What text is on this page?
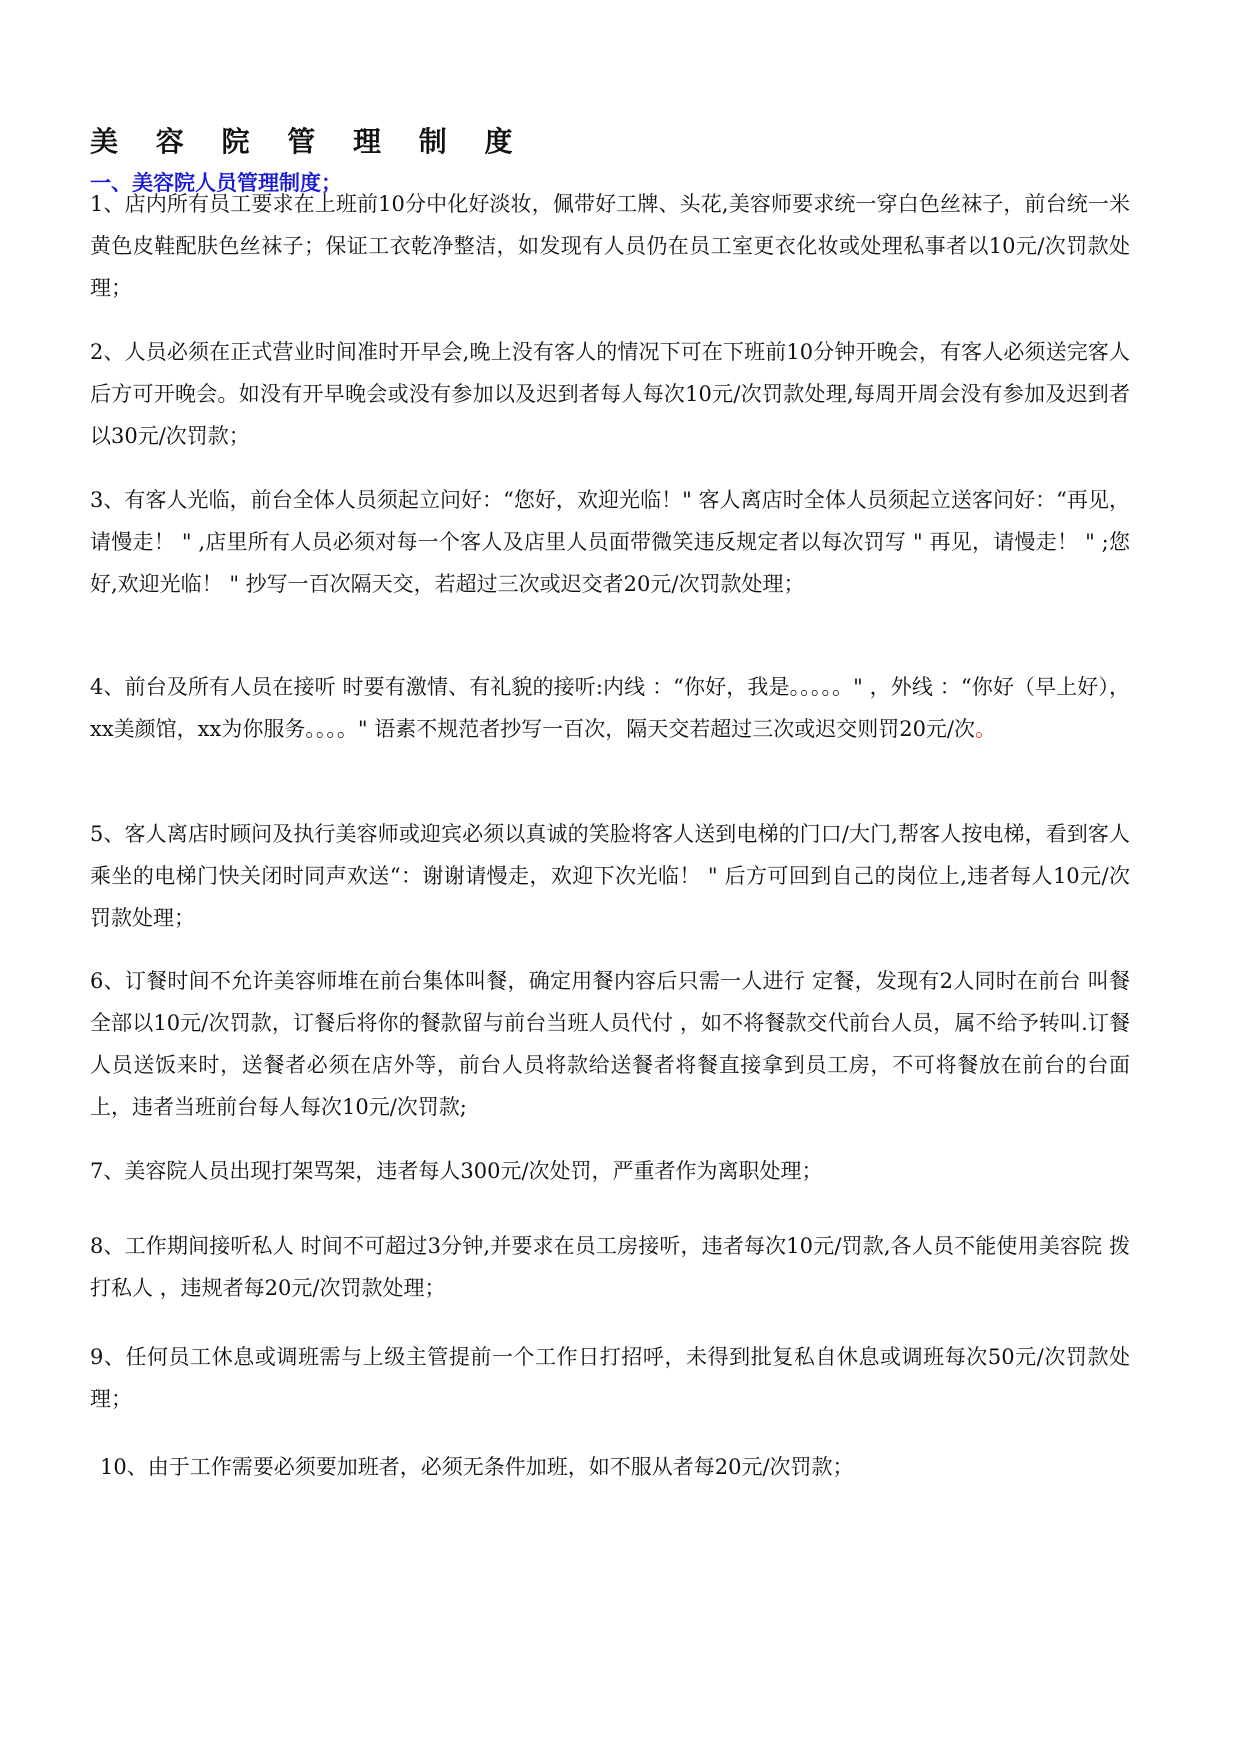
美 容 院 管 理 制 度
一、美容院人员管理制度；
1、店内所有员工要求在上班前10分中化好淡妆，佩带好工牌、头花,美容师要求统一穿白色丝袜子，前台统一米黄色皮鞋配肤色丝袜子；保证工衣乾净整洁，如发现有人员仍在员工室更衣化妆或处理私事者以10元/次罚款处理；
2、人员必须在正式营业时间准时开早会,晚上没有客人的情况下可在下班前10分钟开晚会，有客人必须送完客人后方可开晚会。如没有开早晚会或没有参加以及迟到者每人每次10元/次罚款处理,每周开周会没有参加及迟到者以30元/次罚款；
3、有客人光临，前台全体人员须起立问好：“您好，欢迎光临！" 客人离店时全体人员须起立送客问好：“再见，请慢走！ " ,店里所有人员必须对每一个客人及店里人员面带微笑违反规定者以每次罚写 " 再见，请慢走！ " ;您好,欢迎光临！ " 抄写一百次隔天交，若超过三次或迟交者20元/次罚款处理；
4、前台及所有人员在接听 时要有激情、有礼貌的接听:内线 ：“你好，我是。。。。。" ，外线 ：“你好（早上好），xx美颜馆，xx为你服务。。。。" 语素不规范者抄写一百次，隔天交若超过三次或迟交则罚20元/次。
5、客人离店时顾问及执行美容师或迎宾必须以真诚的笑脸将客人送到电梯的门口/大门,帮客人按电梯，看到客人乘坐的电梯门快关闭时同声欢送“：谢谢请慢走，欢迎下次光临！ " 后方可回到自己的岗位上,违者每人10元/次罚款处理；
6、订餐时间不允许美容师堆在前台集体叫餐，确定用餐内容后只需一人进行 定餐，发现有2人同时在前台 叫餐全部以10元/次罚款，订餐后将你的餐款留与前台当班人员代付 ，如不将餐款交代前台人员，属不给予转叫.订餐人员送饭来时，送餐者必须在店外等，前台人员将款给送餐者将餐直接拿到员工房，不可将餐放在前台的台面上，违者当班前台每人每次10元/次罚款;
7、美容院人员出现打架骂架，违者每人300元/次处罚，严重者作为离职处理；
8、工作期间接听私人 时间不可超过3分钟,并要求在员工房接听，违者每次10元/罚款,各人员不能使用美容院 拨打私人 ，违规者每20元/次罚款处理；
9、任何员工休息或调班需与上级主管提前一个工作日打招呼，未得到批复私自休息或调班每次50元/次罚款处理；
10、由于工作需要必须要加班者，必须无条件加班，如不服从者每20元/次罚款；
